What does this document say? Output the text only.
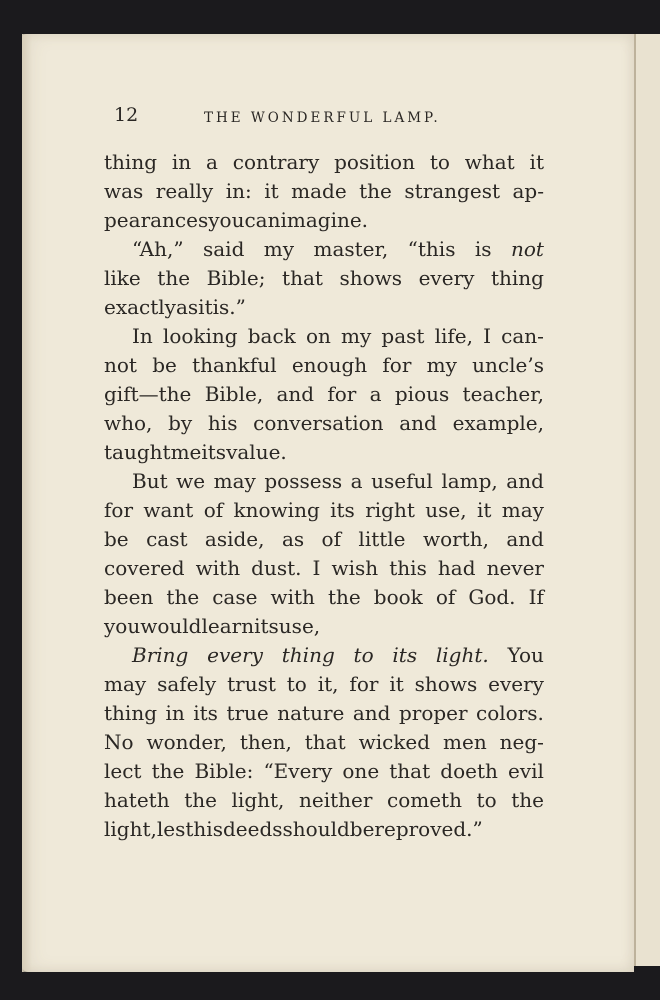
12	THE WONDERFUL LAMP.
thing in a contrary position to what it
was really in: it made the strangest ap-
pearances you can imagine.
“Ah,” said my master, “this is not
like the Bible; that shows every thing
exactly as it is.”
In looking back on my past life, I can-
not be thankful enough for my uncle’s
gift—the Bible, and for a pious teacher,
who, by his conversation and example,
taught me its value.
But we may possess a useful lamp, and
for want of knowing its right use, it may
be cast aside, as of little worth, and
covered with dust. I wish this had never
been the case with the book of God. If
you would learn its use,
Bring every thing to its light. You
may safely trust to it, for it shows every
thing in its true nature and proper colors.
No wonder, then, that wicked men neg-
lect the Bible: “Every one that doeth evil
hateth the light, neither cometh to the
light, lest his deeds should be reproved.”
